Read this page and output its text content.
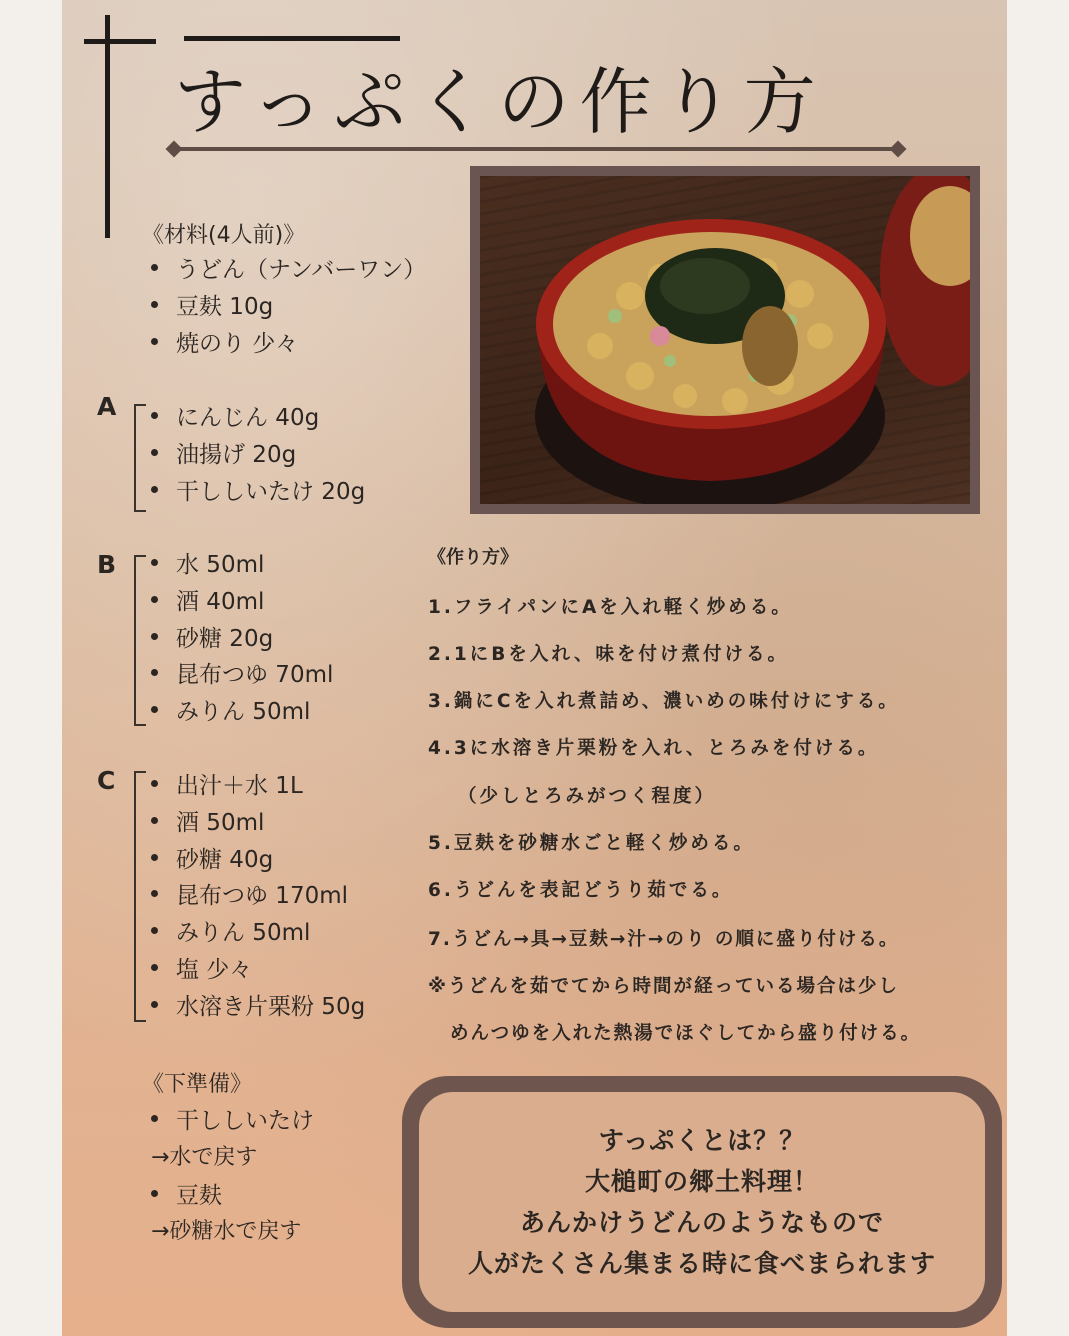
すっぷくの作り方
《材料(4人前)》
うどん（ナンバーワン）
豆麸 10g
焼のり 少々
A	にんじん 40g
油揚げ 20g
干ししいたけ 20g
B	水 50ml
酒 40ml
砂糖 20g
昆布つゆ 70ml
みりん 50ml
C	出汁＋水 1L
酒 50ml
砂糖 40g
昆布つゆ 170ml
みりん 50ml
塩 少々
水溶き片栗粉 50g
《下準備》
干ししいたけ
→水で戻す
豆麸
→砂糖水で戻す
《作り方》
1.フライパンにAを入れ軽く炒める。
2.1にBを入れ、味を付け煮付ける。
3.鍋にCを入れ煮詰め、濃いめの味付けにする。
4.3に水溶き片栗粉を入れ、とろみを付ける。
（少しとろみがつく程度）
5.豆麸を砂糖水ごと軽く炒める。
6.うどんを表記どうり茹でる。
7.うどん→具→豆麸→汁→のり の順に盛り付ける。
※うどんを茹でてから時間が経っている場合は少し
めんつゆを入れた熱湯でほぐしてから盛り付ける。
すっぷくとは？？
大槌町の郷土料理！
あんかけうどんのようなもので
人がたくさん集まる時に食べまられます
